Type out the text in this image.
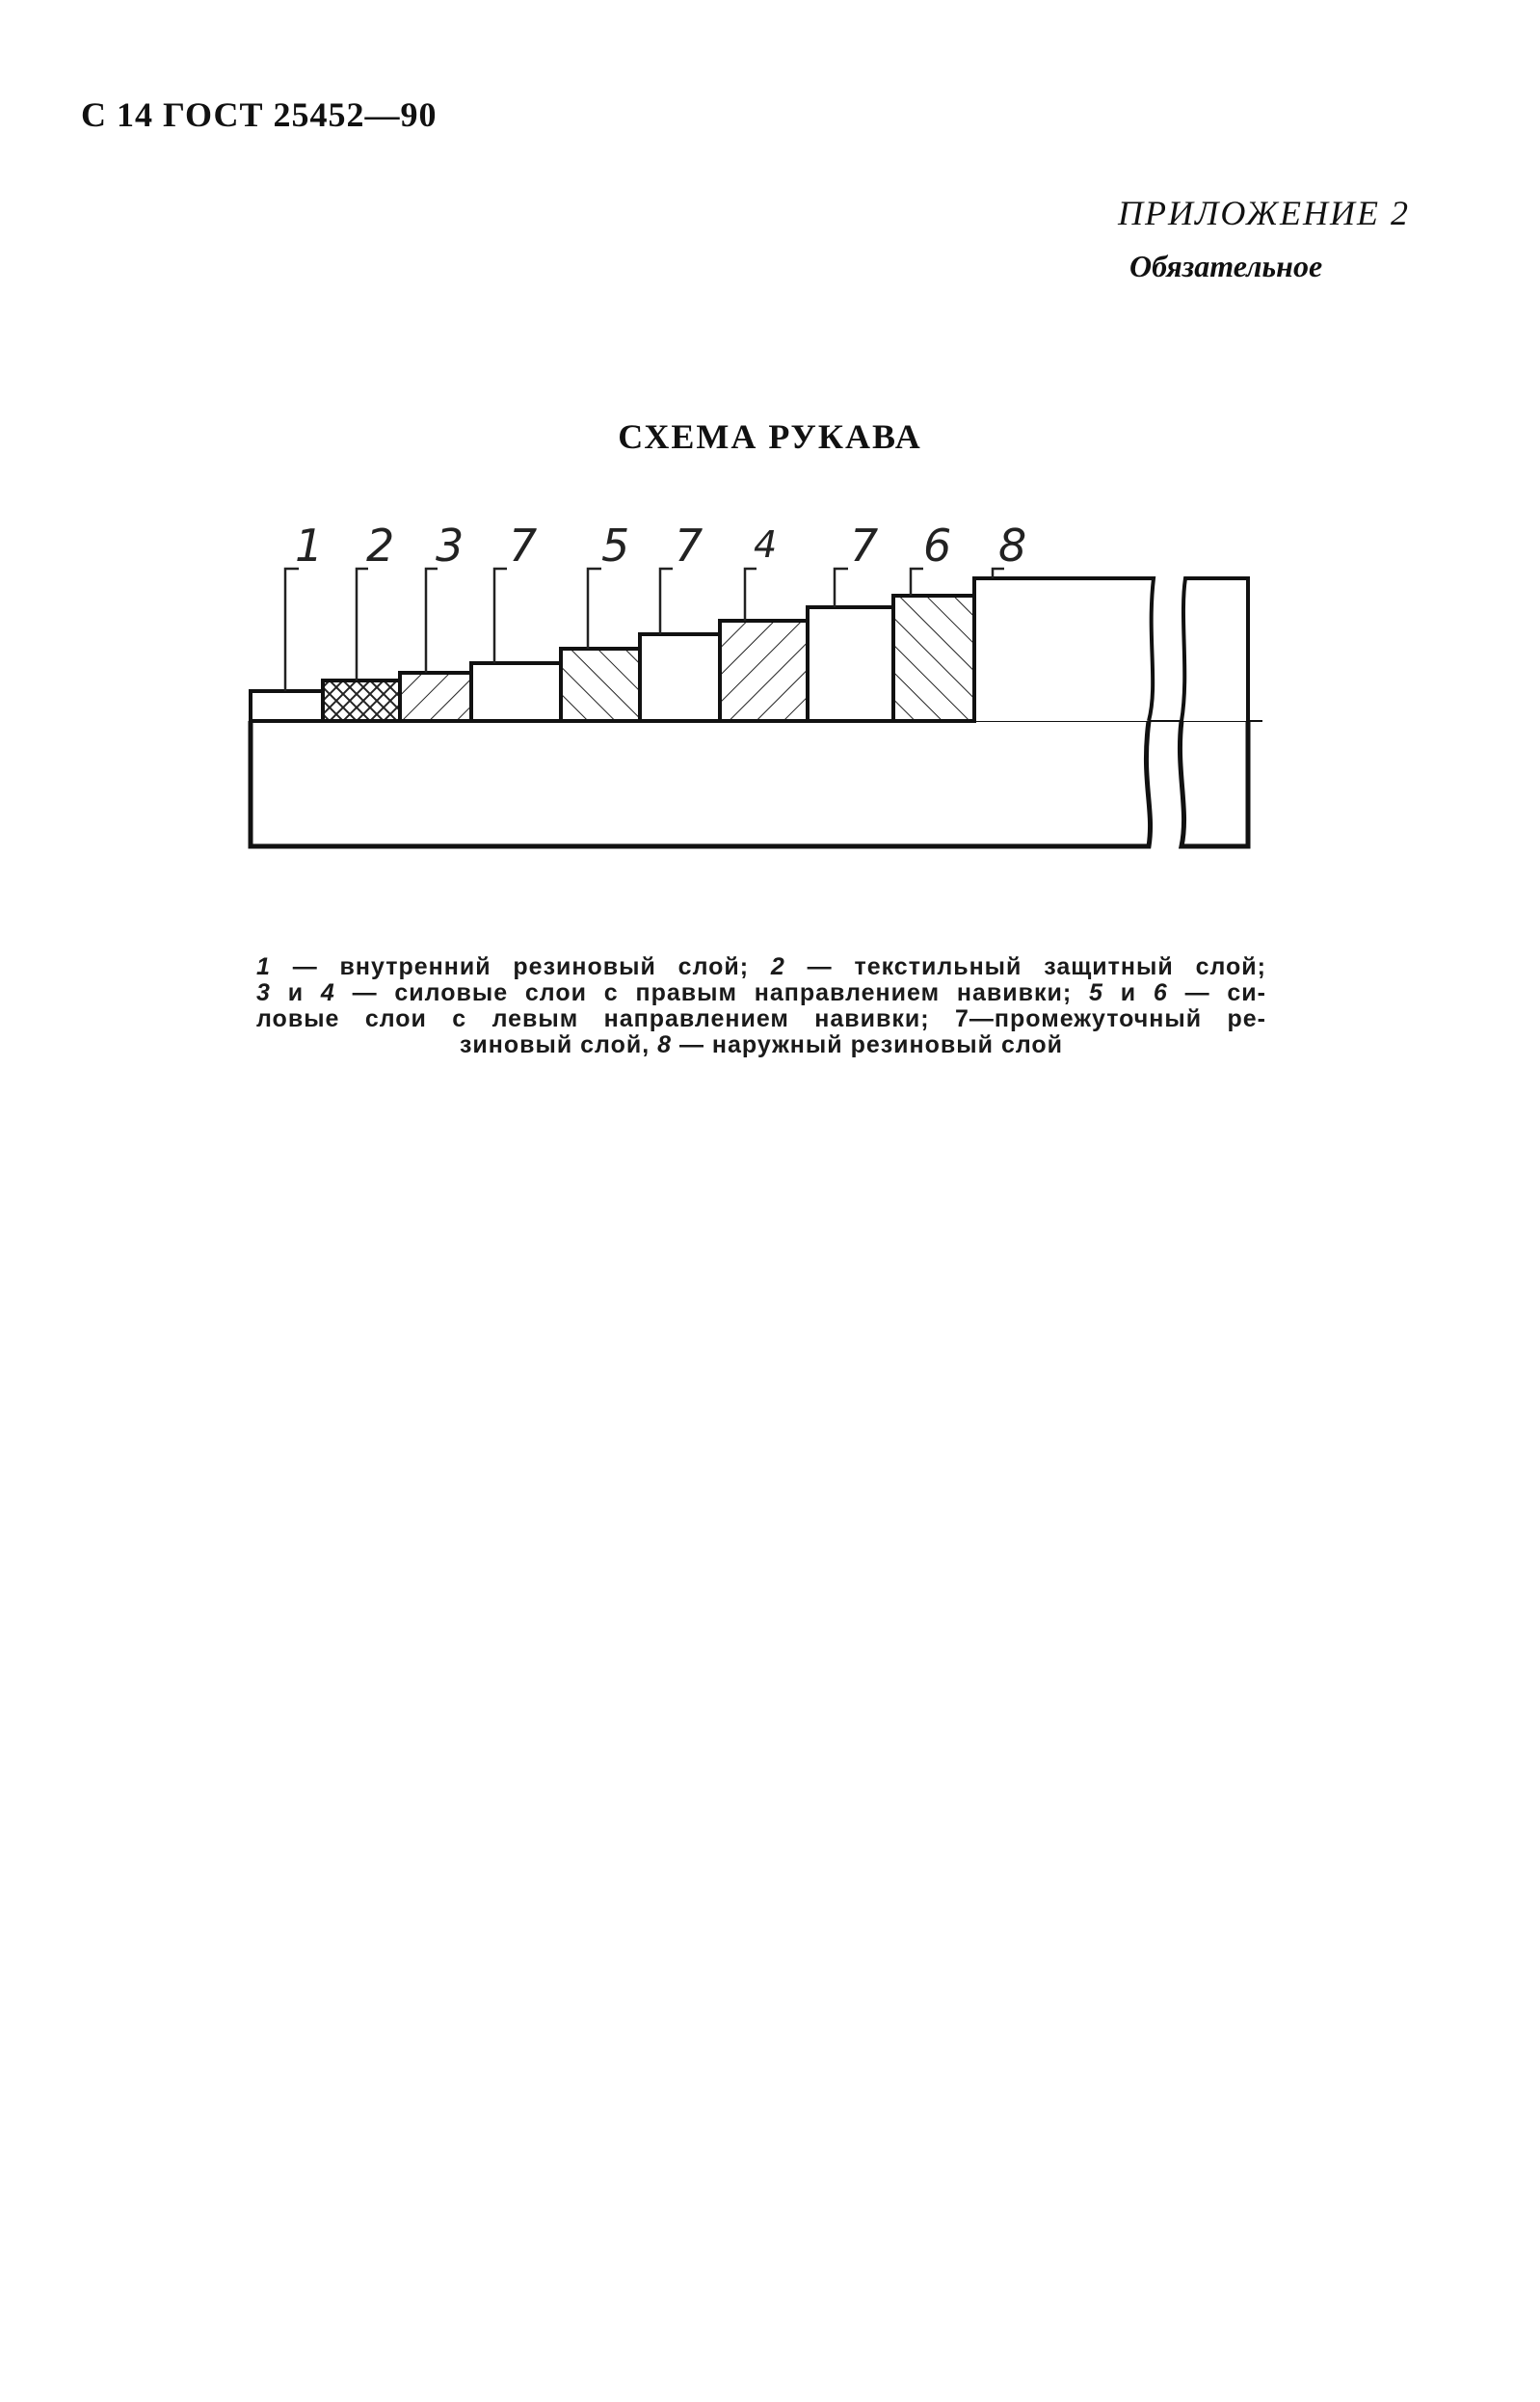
С 14 ГОСТ 25452—90
ПРИЛОЖЕНИЕ 2
Обязательное
СХЕМА РУКАВА
1 2 3 7 5 7 4 7 6 8

1 — внутренний резиновый слой; 2 — текстильный защитный слой;

3 и 4 — силовые слои с правым направлением навивки; 5 и 6 — си-

ловые слои с левым направлением навивки; 7—промежуточный ре-

зиновый слой, 8 — наружный резиновый слой
